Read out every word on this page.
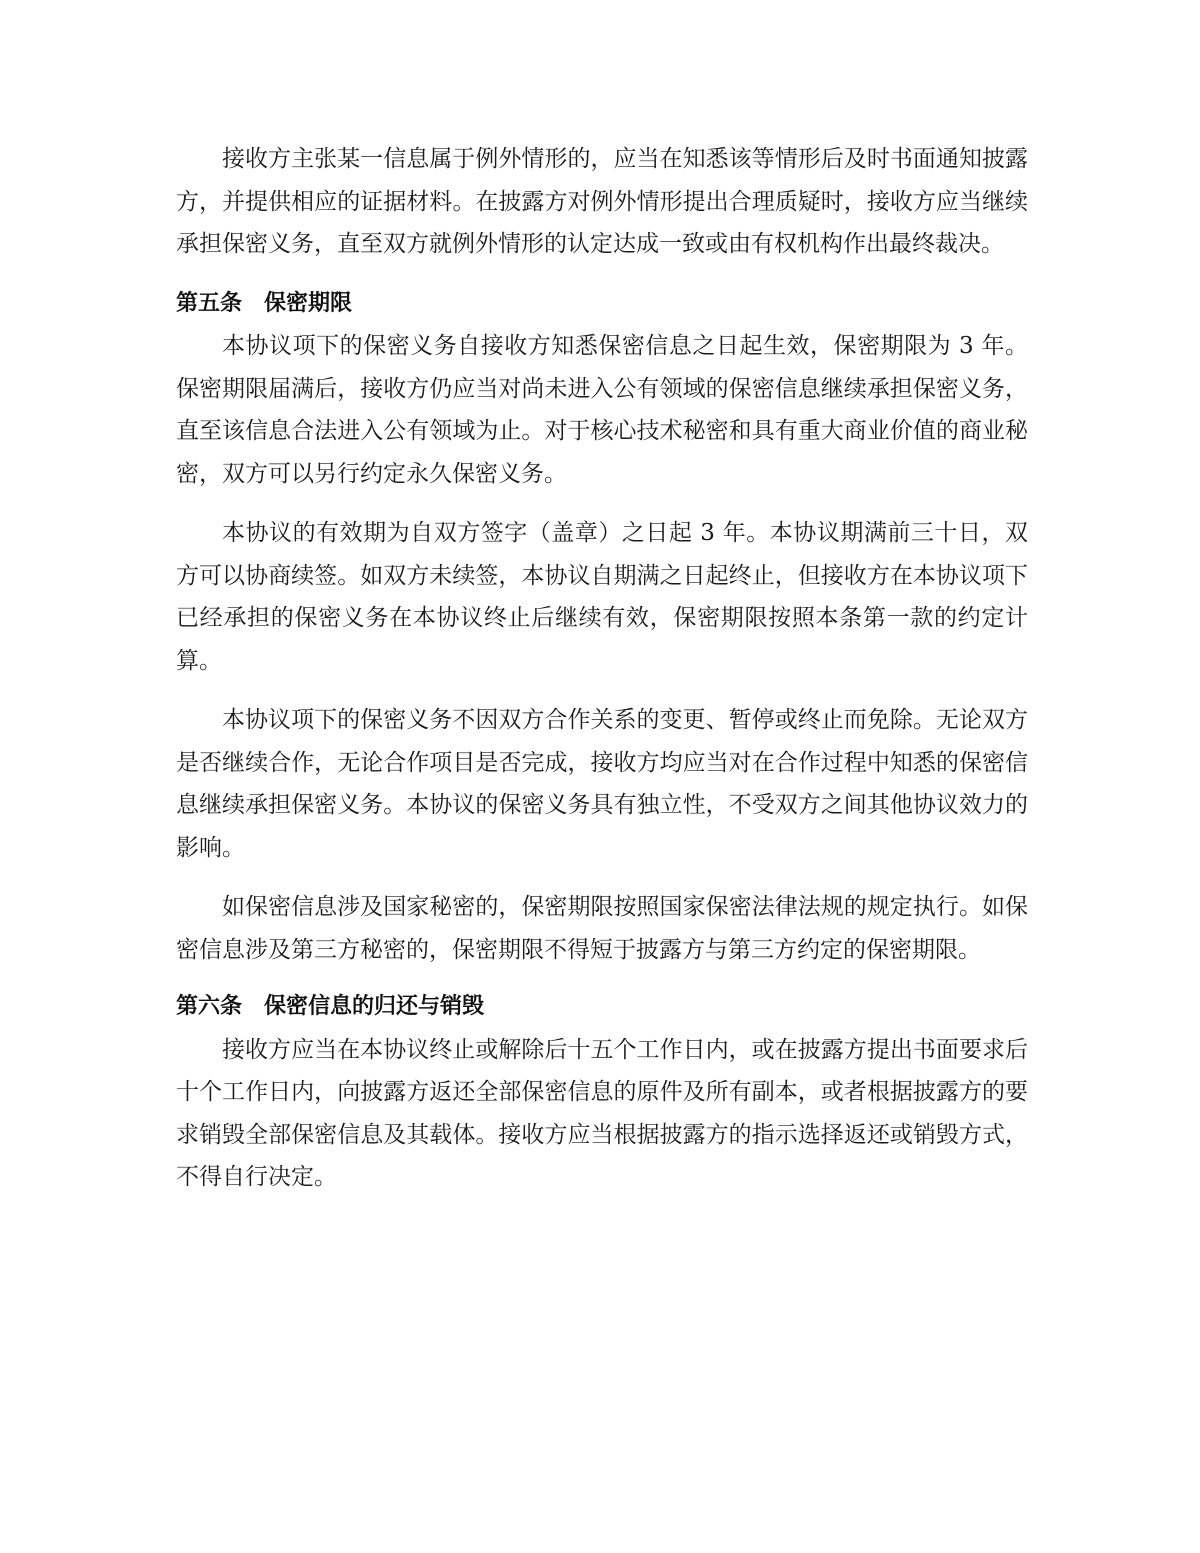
接收方主张某一信息属于例外情形的，应当在知悉该等情形后及时书面通知披露方，并提供相应的证据材料。在披露方对例外情形提出合理质疑时，接收方应当继续承担保密义务，直至双方就例外情形的认定达成一致或由有权机构作出最终裁决。

第五条　保密期限

本协议项下的保密义务自接收方知悉保密信息之日起生效，保密期限为 3 年。保密期限届满后，接收方仍应当对尚未进入公有领域的保密信息继续承担保密义务，直至该信息合法进入公有领域为止。对于核心技术秘密和具有重大商业价值的商业秘密，双方可以另行约定永久保密义务。

本协议的有效期为自双方签字（盖章）之日起 3 年。本协议期满前三十日，双方可以协商续签。如双方未续签，本协议自期满之日起终止，但接收方在本协议项下已经承担的保密义务在本协议终止后继续有效，保密期限按照本条第一款的约定计算。

本协议项下的保密义务不因双方合作关系的变更、暂停或终止而免除。无论双方是否继续合作，无论合作项目是否完成，接收方均应当对在合作过程中知悉的保密信息继续承担保密义务。本协议的保密义务具有独立性，不受双方之间其他协议效力的影响。

如保密信息涉及国家秘密的，保密期限按照国家保密法律法规的规定执行。如保密信息涉及第三方秘密的，保密期限不得短于披露方与第三方约定的保密期限。

第六条　保密信息的归还与销毁

接收方应当在本协议终止或解除后十五个工作日内，或在披露方提出书面要求后十个工作日内，向披露方返还全部保密信息的原件及所有副本，或者根据披露方的要求销毁全部保密信息及其载体。接收方应当根据披露方的指示选择返还或销毁方式，不得自行决定。
